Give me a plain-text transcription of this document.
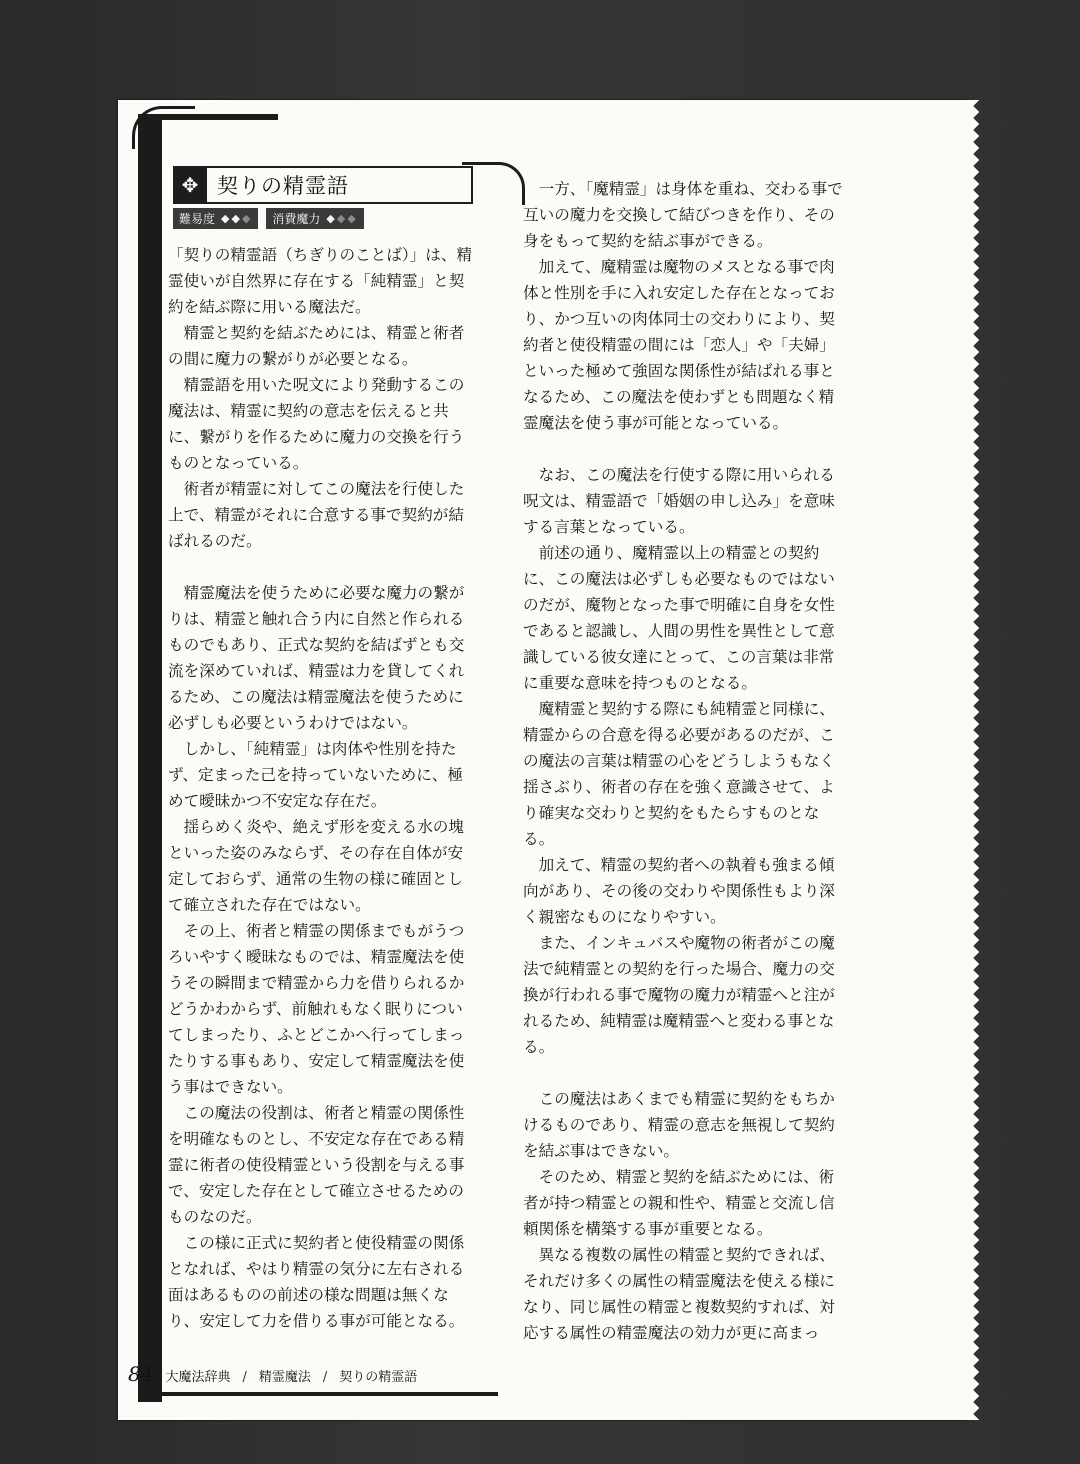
✥ 契りの精霊語
難易度 ◆◆◆ 消費魔力 ◆◆◆

「契りの精霊語（ちぎりのことば）」は、精霊使いが自然界に存在する「純精霊」と契約を結ぶ際に用いる魔法だ。

　精霊と契約を結ぶためには、精霊と術者の間に魔力の繋がりが必要となる。

　精霊語を用いた呪文により発動するこの魔法は、精霊に契約の意志を伝えると共に、繋がりを作るために魔力の交換を行うものとなっている。

　術者が精霊に対してこの魔法を行使した上で、精霊がそれに合意する事で契約が結ばれるのだ。

　精霊魔法を使うために必要な魔力の繋がりは、精霊と触れ合う内に自然と作られるものでもあり、正式な契約を結ばずとも交流を深めていれば、精霊は力を貸してくれるため、この魔法は精霊魔法を使うために必ずしも必要というわけではない。

　しかし、「純精霊」は肉体や性別を持たず、定まった己を持っていないために、極めて曖昧かつ不安定な存在だ。

　揺らめく炎や、絶えず形を変える水の塊といった姿のみならず、その存在自体が安定しておらず、通常の生物の様に確固として確立された存在ではない。

　その上、術者と精霊の関係までもがうつろいやすく曖昧なものでは、精霊魔法を使うその瞬間まで精霊から力を借りられるかどうかわからず、前触れもなく眠りについてしまったり、ふとどこかへ行ってしまったりする事もあり、安定して精霊魔法を使う事はできない。

　この魔法の役割は、術者と精霊の関係性を明確なものとし、不安定な存在である精霊に術者の使役精霊という役割を与える事で、安定した存在として確立させるためのものなのだ。

　この様に正式に契約者と使役精霊の関係となれば、やはり精霊の気分に左右される面はあるものの前述の様な問題は無くなり、安定して力を借りる事が可能となる。

　一方、「魔精霊」は身体を重ね、交わる事で互いの魔力を交換して結びつきを作り、その身をもって契約を結ぶ事ができる。

　加えて、魔精霊は魔物のメスとなる事で肉体と性別を手に入れ安定した存在となっており、かつ互いの肉体同士の交わりにより、契約者と使役精霊の間には「恋人」や「夫婦」といった極めて強固な関係性が結ばれる事となるため、この魔法を使わずとも問題なく精霊魔法を使う事が可能となっている。

　なお、この魔法を行使する際に用いられる呪文は、精霊語で「婚姻の申し込み」を意味する言葉となっている。

　前述の通り、魔精霊以上の精霊との契約に、この魔法は必ずしも必要なものではないのだが、魔物となった事で明確に自身を女性であると認識し、人間の男性を異性として意識している彼女達にとって、この言葉は非常に重要な意味を持つものとなる。

　魔精霊と契約する際にも純精霊と同様に、精霊からの合意を得る必要があるのだが、この魔法の言葉は精霊の心をどうしようもなく揺さぶり、術者の存在を強く意識させて、より確実な交わりと契約をもたらすものとなる。

　加えて、精霊の契約者への執着も強まる傾向があり、その後の交わりや関係性もより深く親密なものになりやすい。

　また、インキュバスや魔物の術者がこの魔法で純精霊との契約を行った場合、魔力の交換が行われる事で魔物の魔力が精霊へと注がれるため、純精霊は魔精霊へと変わる事となる。

　この魔法はあくまでも精霊に契約をもちかけるものであり、精霊の意志を無視して契約を結ぶ事はできない。

　そのため、精霊と契約を結ぶためには、術者が持つ精霊との親和性や、精霊と交流し信頼関係を構築する事が重要となる。

　異なる複数の属性の精霊と契約できれば、それだけ多くの属性の精霊魔法を使える様になり、同じ属性の精霊と複数契約すれば、対応する属性の精霊魔法の効力が更に高まっ

84 大魔法辞典 / 精霊魔法 / 契りの精霊語
